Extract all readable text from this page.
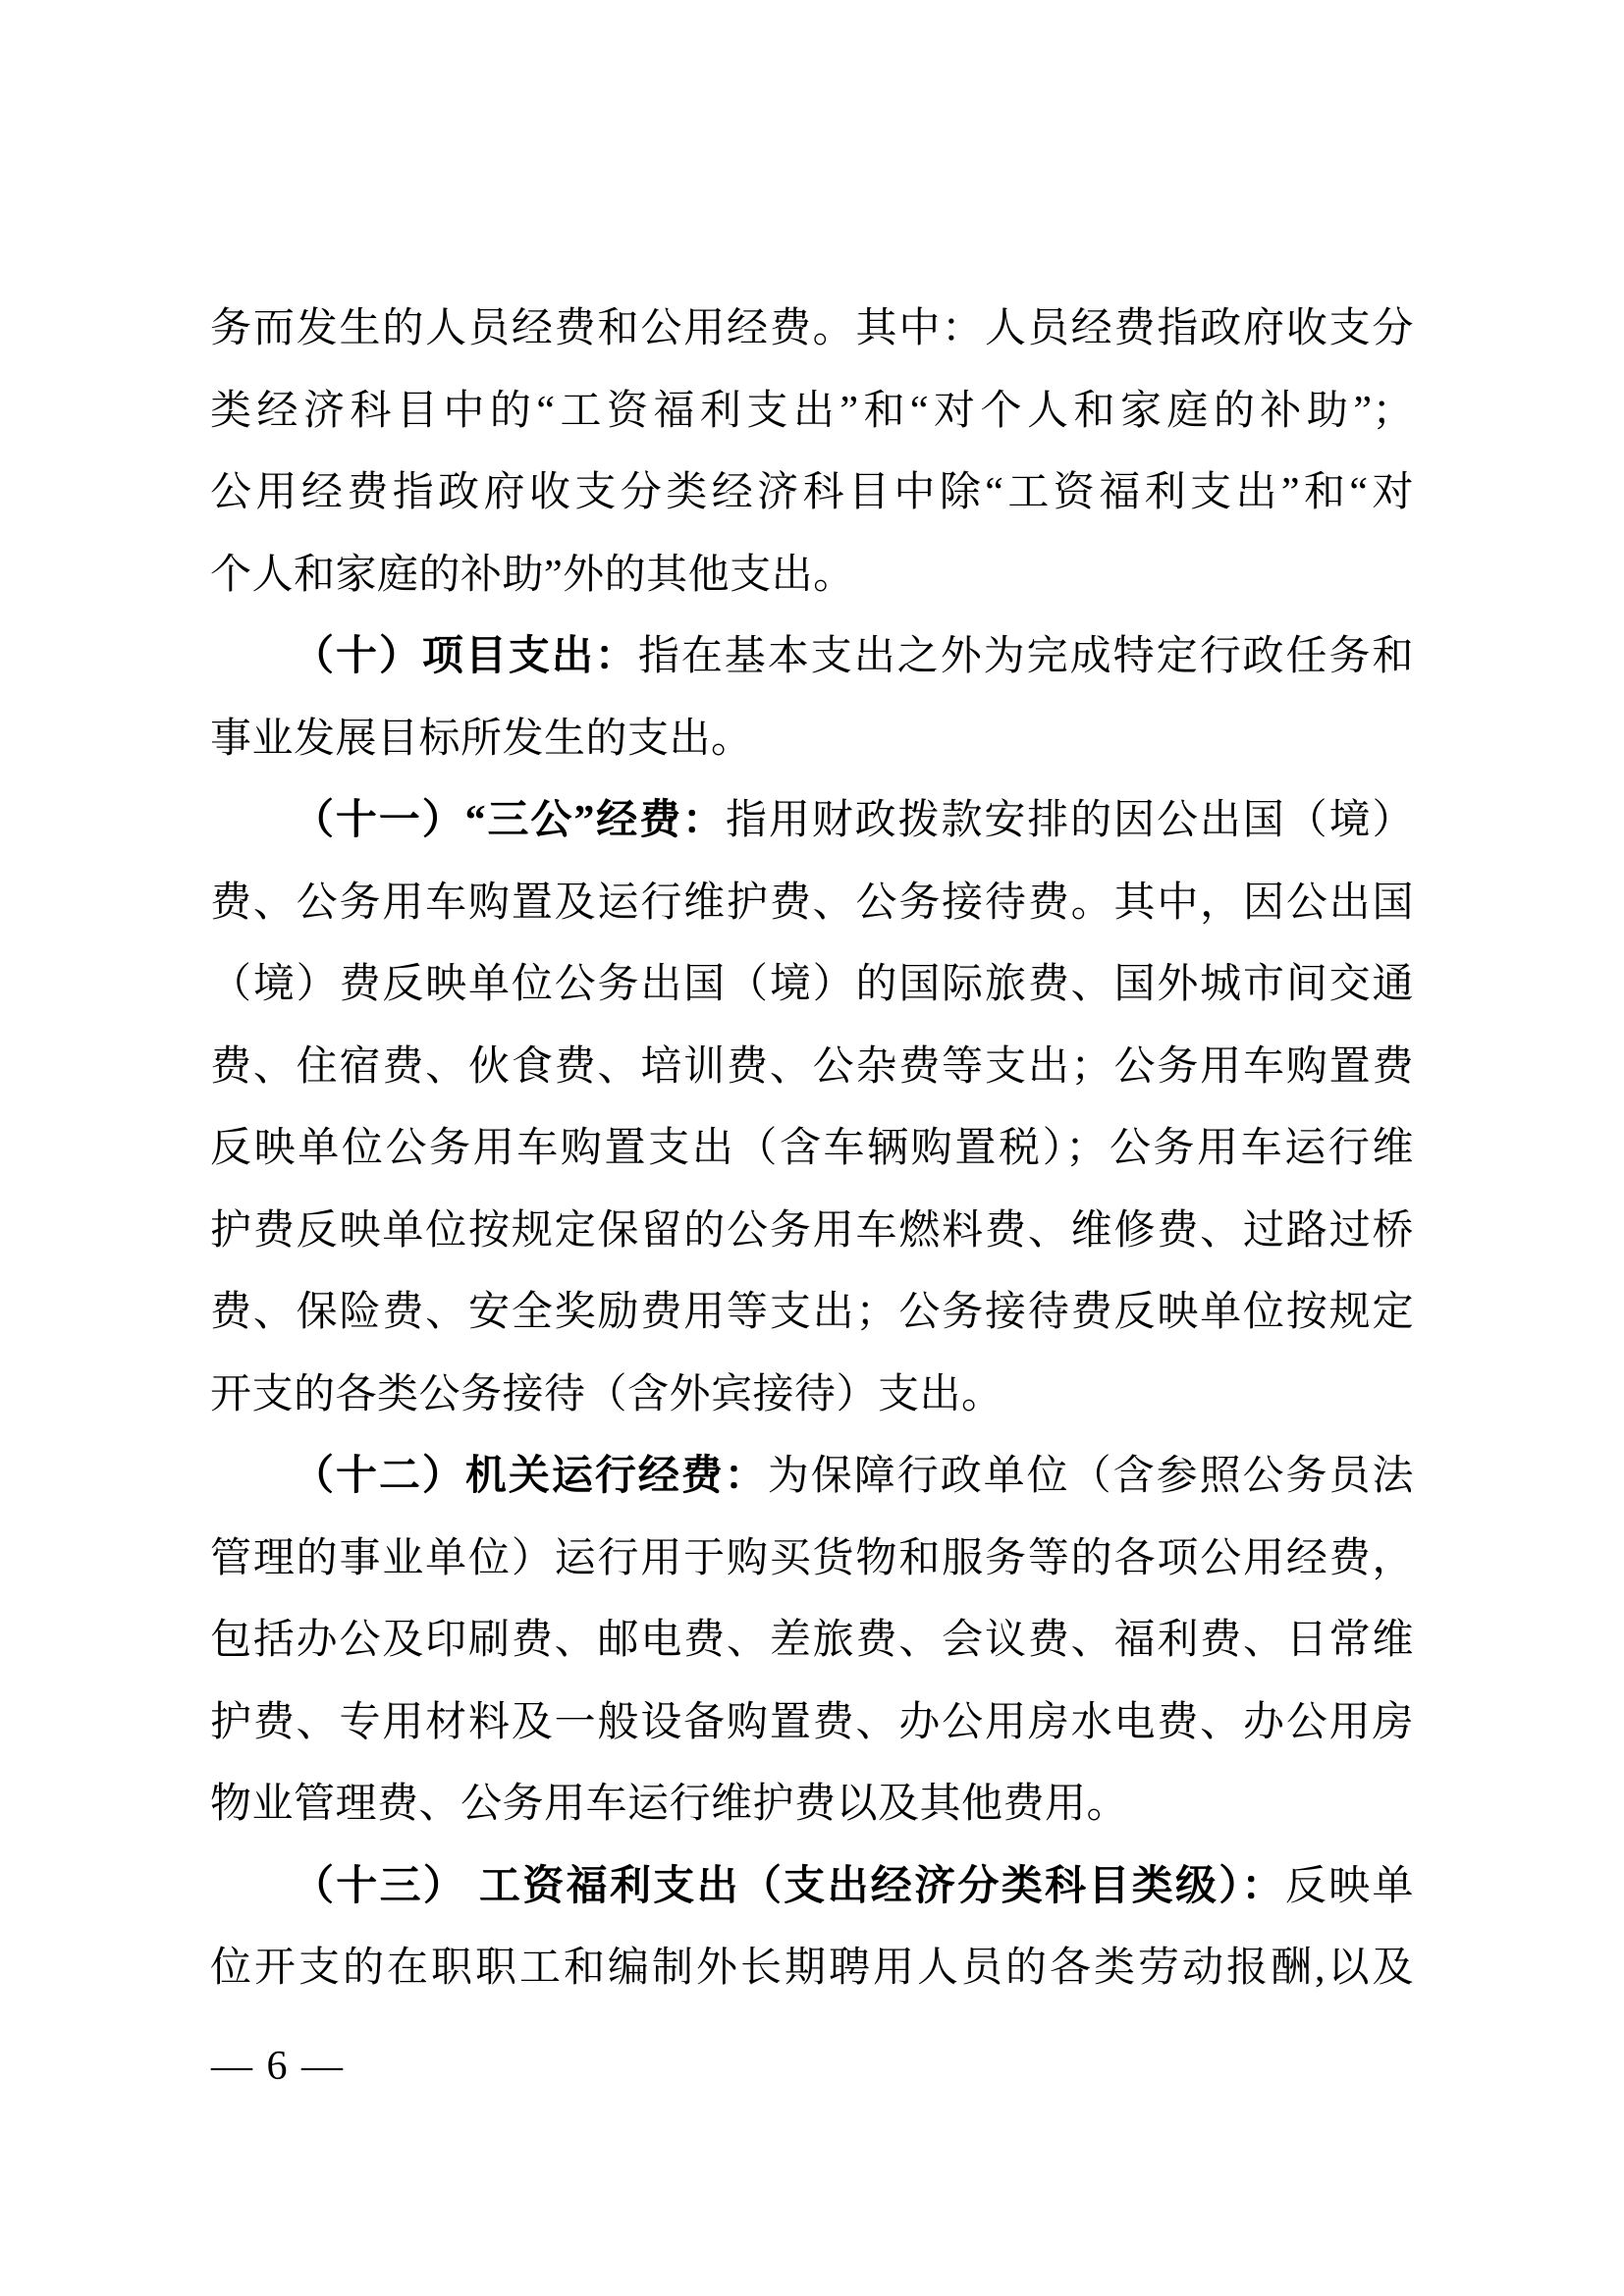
务而发生的人员经费和公用经费。其中：人员经费指政府收支分
类经济科目中的“工资福利支出”和“对个人和家庭的补助”；
公用经费指政府收支分类经济科目中除“工资福利支出”和“对
个人和家庭的补助”外的其他支出。
（十）项目支出：指在基本支出之外为完成特定行政任务和
事业发展目标所发生的支出。
（十一）“三公”经费：指用财政拨款安排的因公出国（境）
费、公务用车购置及运行维护费、公务接待费。其中，因公出国
（境）费反映单位公务出国（境）的国际旅费、国外城市间交通
费、住宿费、伙食费、培训费、公杂费等支出；公务用车购置费
反映单位公务用车购置支出（含车辆购置税）；公务用车运行维
护费反映单位按规定保留的公务用车燃料费、维修费、过路过桥
费、保险费、安全奖励费用等支出；公务接待费反映单位按规定
开支的各类公务接待（含外宾接待）支出。
（十二）机关运行经费：为保障行政单位（含参照公务员法
管理的事业单位）运行用于购买货物和服务等的各项公用经费，
包括办公及印刷费、邮电费、差旅费、会议费、福利费、日常维
护费、专用材料及一般设备购置费、办公用房水电费、办公用房
物业管理费、公务用车运行维护费以及其他费用。
（十三） 工资福利支出（支出经济分类科目类级）：反映单
位开支的在职职工和编制外长期聘用人员的各类劳动报酬,以及
— 6 —
